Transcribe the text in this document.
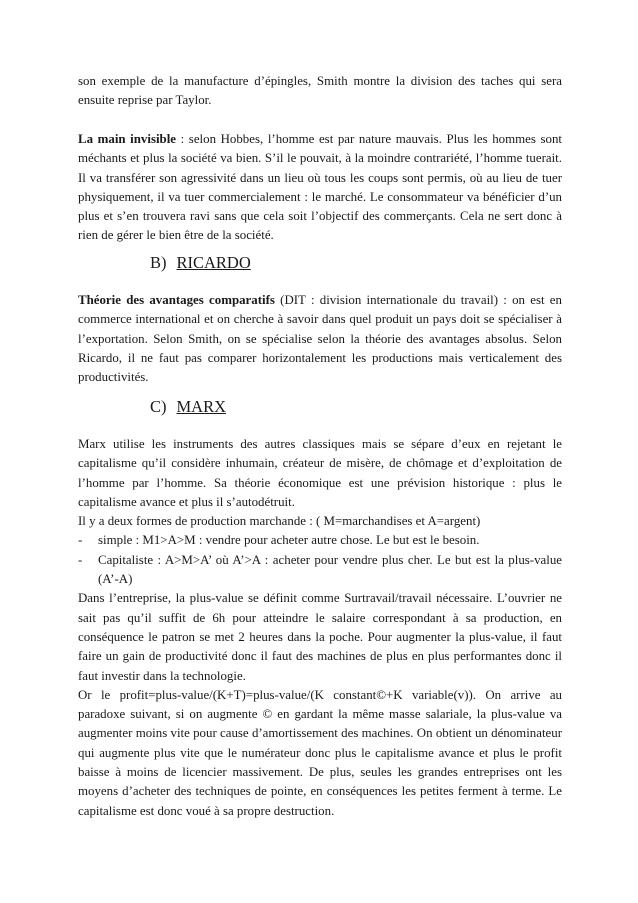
son exemple de la manufacture d’épingles, Smith montre la division des taches qui sera ensuite reprise par Taylor.

La main invisible : selon Hobbes, l’homme est par nature mauvais. Plus les hommes sont méchants et plus la société va bien. S’il le pouvait, à la moindre contrariété, l’homme tuerait. Il va transférer son agressivité dans un lieu où tous les coups sont permis, où au lieu de tuer physiquement, il va tuer commercialement : le marché. Le consommateur va bénéficier d’un plus et s’en trouvera ravi sans que cela soit l’objectif des commerçants. Cela ne sert donc à rien de gérer le bien être de la société.

B) RICARDO

Théorie des avantages comparatifs (DIT : division internationale du travail) : on est en commerce international et on cherche à savoir dans quel produit un pays doit se spécialiser à l’exportation. Selon Smith, on se spécialise selon la théorie des avantages absolus. Selon Ricardo, il ne faut pas comparer horizontalement les productions mais verticalement des productivités.

C) MARX

Marx utilise les instruments des autres classiques mais se sépare d’eux en rejetant le capitalisme qu’il considère inhumain, créateur de misère, de chômage et d’exploitation de l’homme par l’homme. Sa théorie économique est une prévision historique : plus le capitalisme avance et plus il s’autodétruit.

Il y a deux formes de production marchande : ( M=marchandises et A=argent)

- simple : M1>A>M : vendre pour acheter autre chose. Le but est le besoin.

- Capitaliste : A>M>A’ où A’>A : acheter pour vendre plus cher. Le but est la plus-value (A’-A)

Dans l’entreprise, la plus-value se définit comme Surtravail/travail nécessaire. L’ouvrier ne sait pas qu’il suffit de 6h pour atteindre le salaire correspondant à sa production, en conséquence le patron se met 2 heures dans la poche. Pour augmenter la plus-value, il faut faire un gain de productivité donc il faut des machines de plus en plus performantes donc il faut investir dans la technologie.

Or le profit=plus-value/(K+T)=plus-value/(K constant©+K variable(v)). On arrive au paradoxe suivant, si on augmente © en gardant la même masse salariale, la plus-value va augmenter moins vite pour cause d’amortissement des machines. On obtient un dénominateur qui augmente plus vite que le numérateur donc plus le capitalisme avance et plus le profit baisse à moins de licencier massivement. De plus, seules les grandes entreprises ont les moyens d’acheter des techniques de pointe, en conséquences les petites ferment à terme. Le capitalisme est donc voué à sa propre destruction.
